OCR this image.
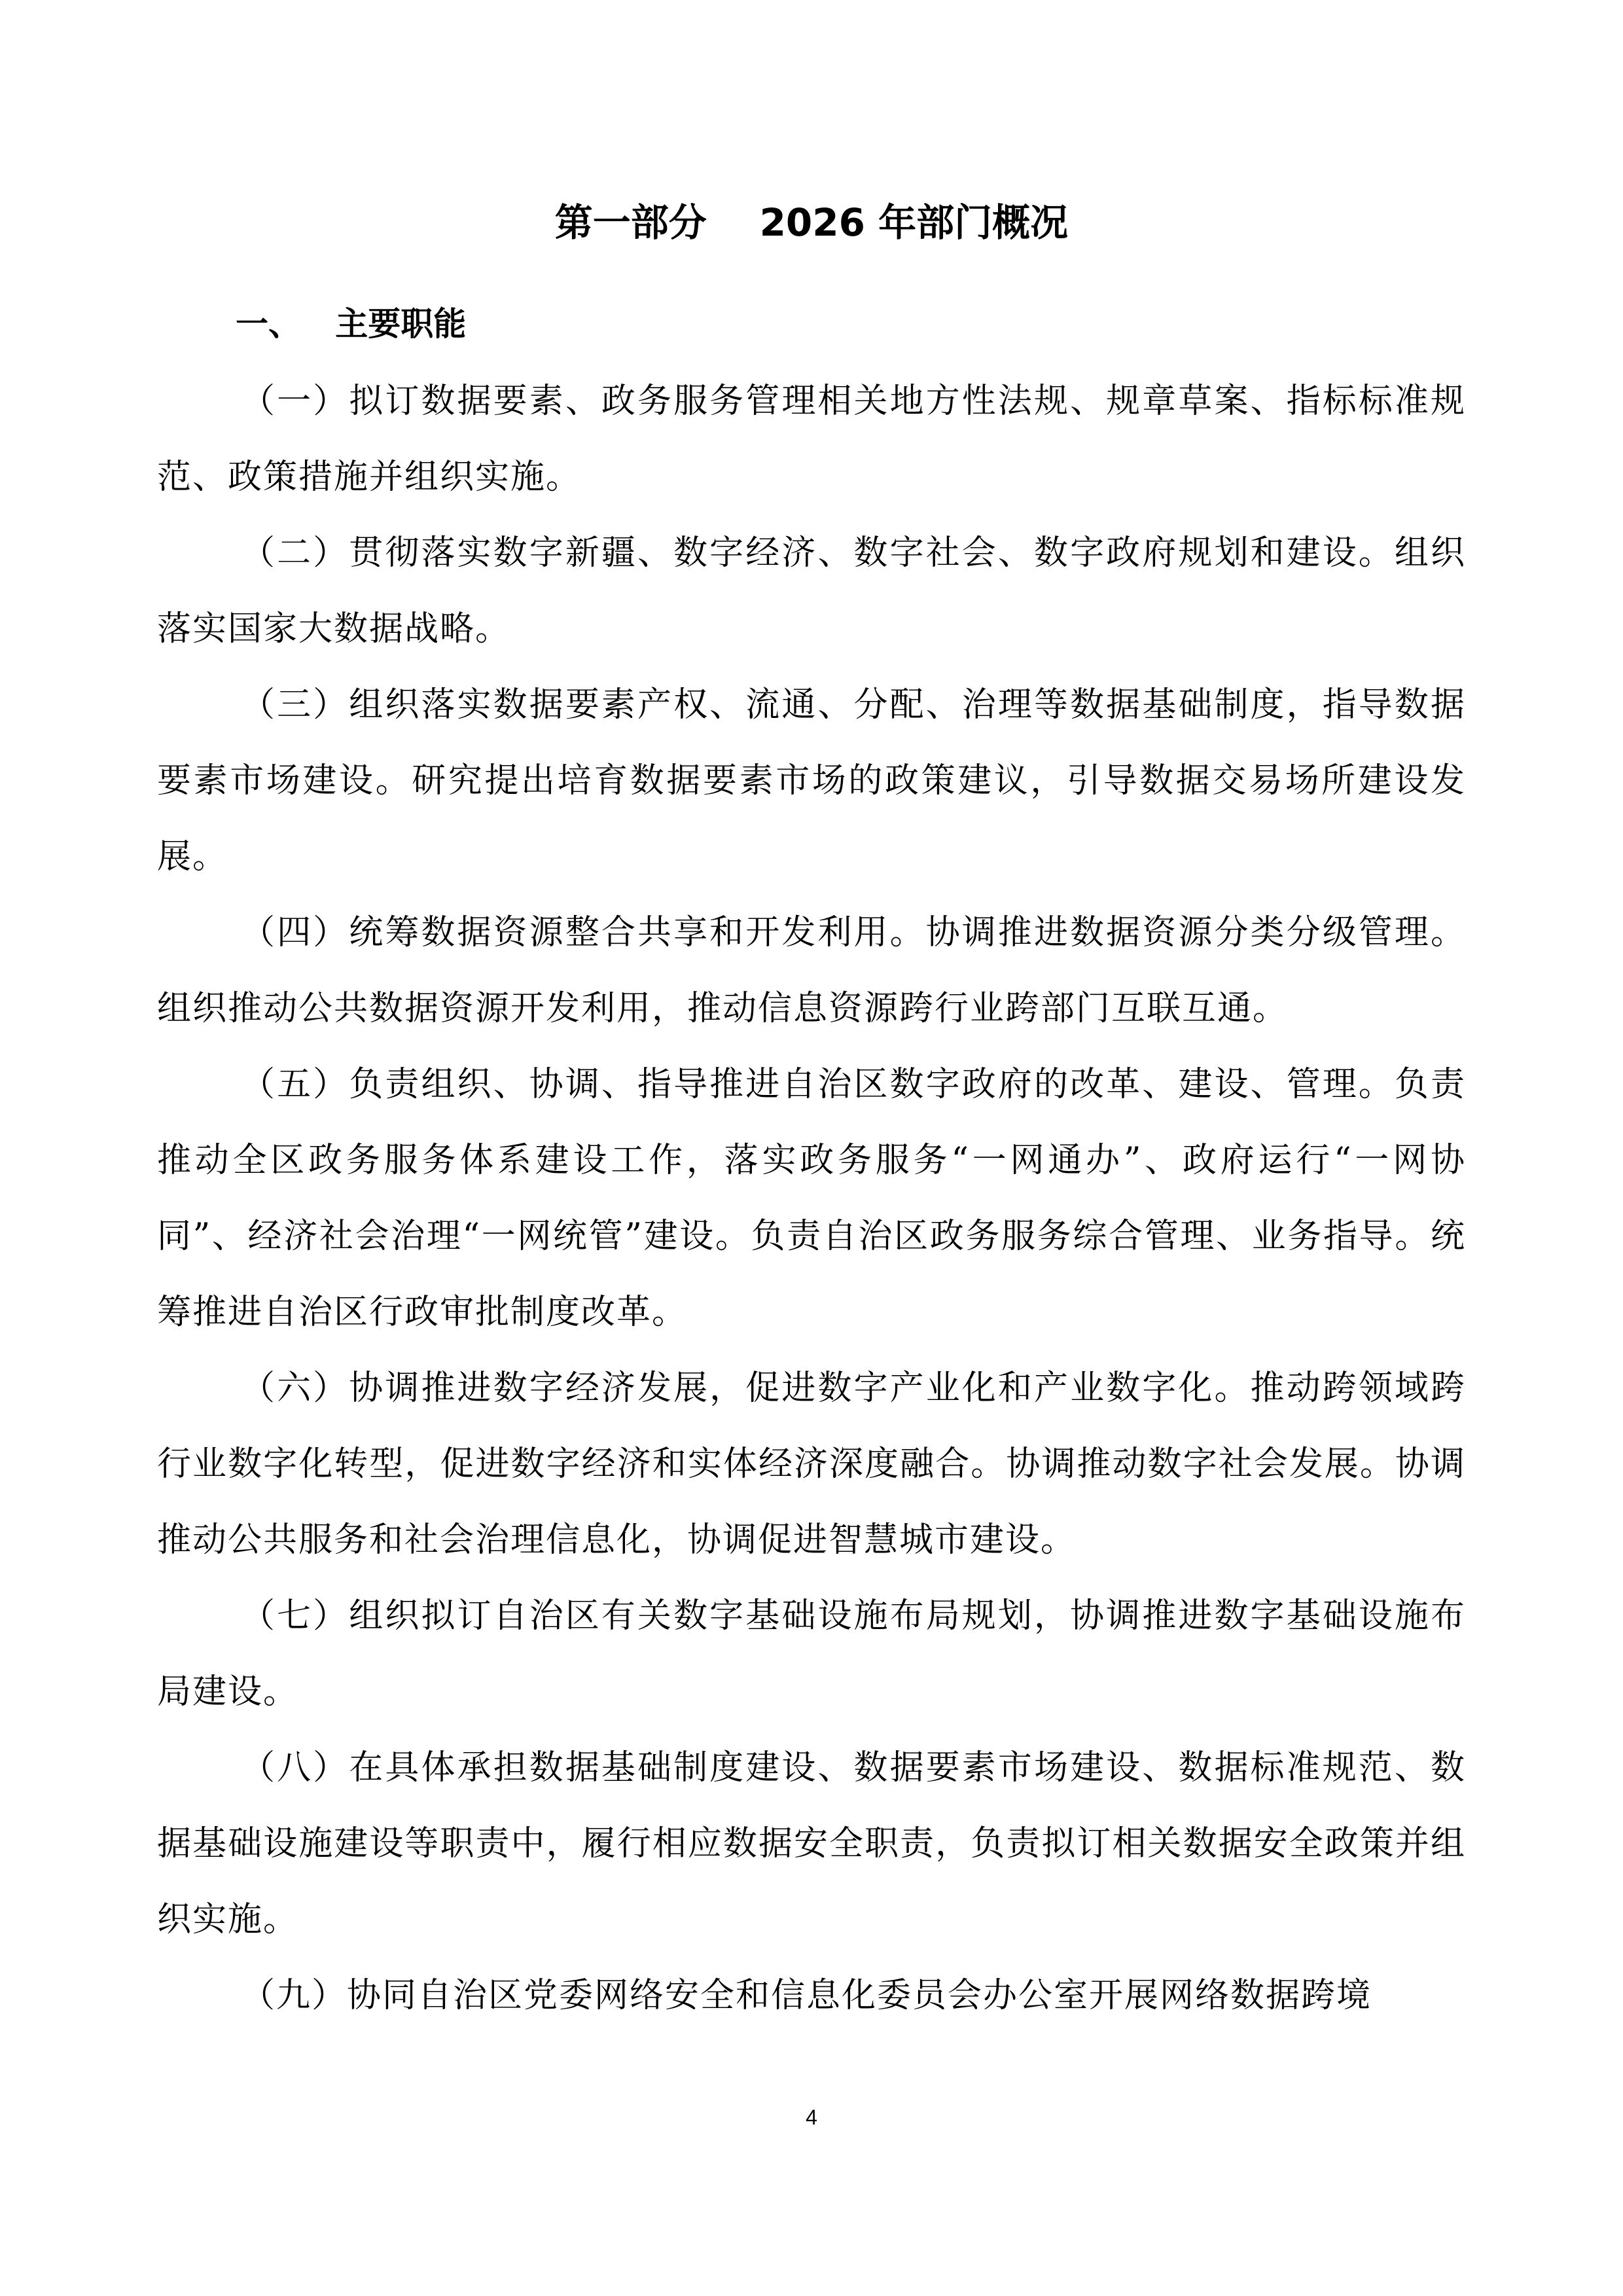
第一部分    2026 年部门概况
一、   主要职能

（一）拟订数据要素、政务服务管理相关地方性法规、规章草案、指标标准规范、政策措施并组织实施。

（二）贯彻落实数字新疆、数字经济、数字社会、数字政府规划和建设。组织落实国家大数据战略。

（三）组织落实数据要素产权、流通、分配、治理等数据基础制度，指导数据要素市场建设。研究提出培育数据要素市场的政策建议，引导数据交易场所建设发展。

（四）统筹数据资源整合共享和开发利用。协调推进数据资源分类分级管理。组织推动公共数据资源开发利用，推动信息资源跨行业跨部门互联互通。

（五）负责组织、协调、指导推进自治区数字政府的改革、建设、管理。负责推动全区政务服务体系建设工作，落实政务服务“一网通办”、政府运行“一网协同”、经济社会治理“一网统管”建设。负责自治区政务服务综合管理、业务指导。统筹推进自治区行政审批制度改革。

（六）协调推进数字经济发展，促进数字产业化和产业数字化。推动跨领域跨行业数字化转型，促进数字经济和实体经济深度融合。协调推动数字社会发展。协调推动公共服务和社会治理信息化，协调促进智慧城市建设。

（七）组织拟订自治区有关数字基础设施布局规划，协调推进数字基础设施布局建设。

（八）在具体承担数据基础制度建设、数据要素市场建设、数据标准规范、数据基础设施建设等职责中，履行相应数据安全职责，负责拟订相关数据安全政策并组织实施。

（九）协同自治区党委网络安全和信息化委员会办公室开展网络数据跨境

4
